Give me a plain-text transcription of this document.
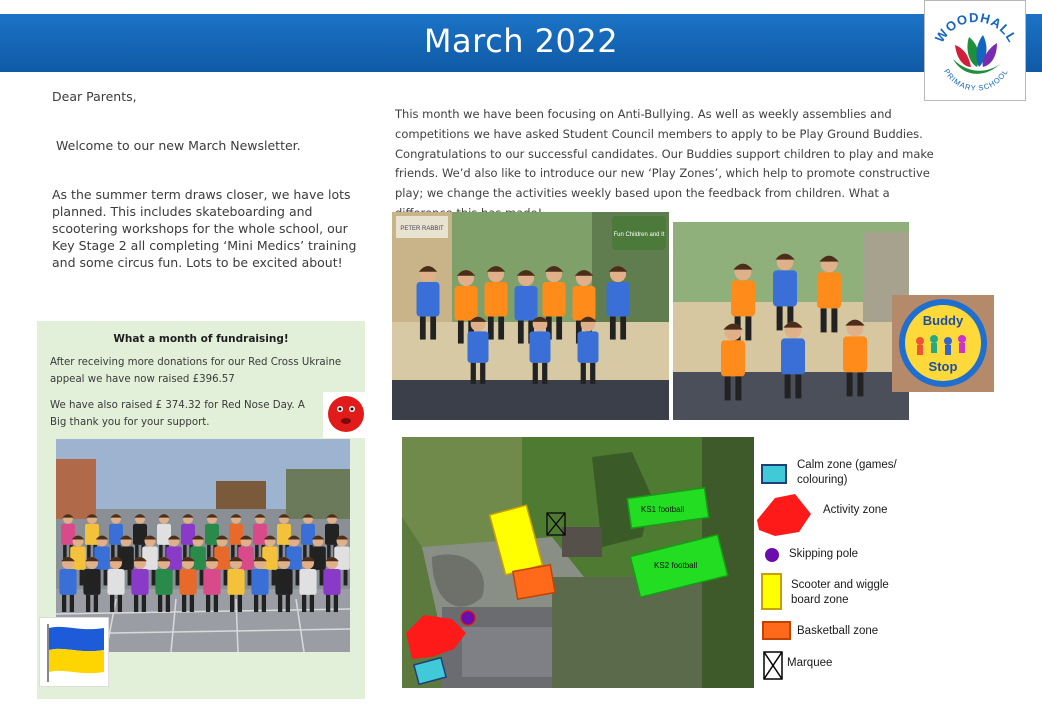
March 2022	WOODHALL
PRIMARY SCHOOL
Dear Parents,
Welcome to our new March Newsletter.
As the summer term draws closer, we have lots planned. This includes skateboarding and scootering workshops for the whole school, our Key Stage 2 all completing ‘Mini Medics’ training and some circus fun. Lots to be excited about!
This month we have been focusing on Anti-Bullying. As well as weekly assemblies and competitions we have asked Student Council members to apply to be Play Ground Buddies. Congratulations to our successful candidates. Our Buddies support children to play and make friends. We’d also like to introduce our new ‘Play Zones’, which help to promote constructive play; we change the activities weekly based upon the feedback from children. What a
PETER RABBIT
Fun Children and It
Buddy
Stop
What a month of fundraising!
After receiving more donations for our Red Cross Ukraine appeal we have now raised £396.57
We have also raised £ 374.32 for Red Nose Day. A Big thank you for your support.
KS1 football
KS2 football
Calm zone (games/ colouring)
Activity zone
Skipping pole
Scooter and wiggle board zone
Basketball zone
Marquee
